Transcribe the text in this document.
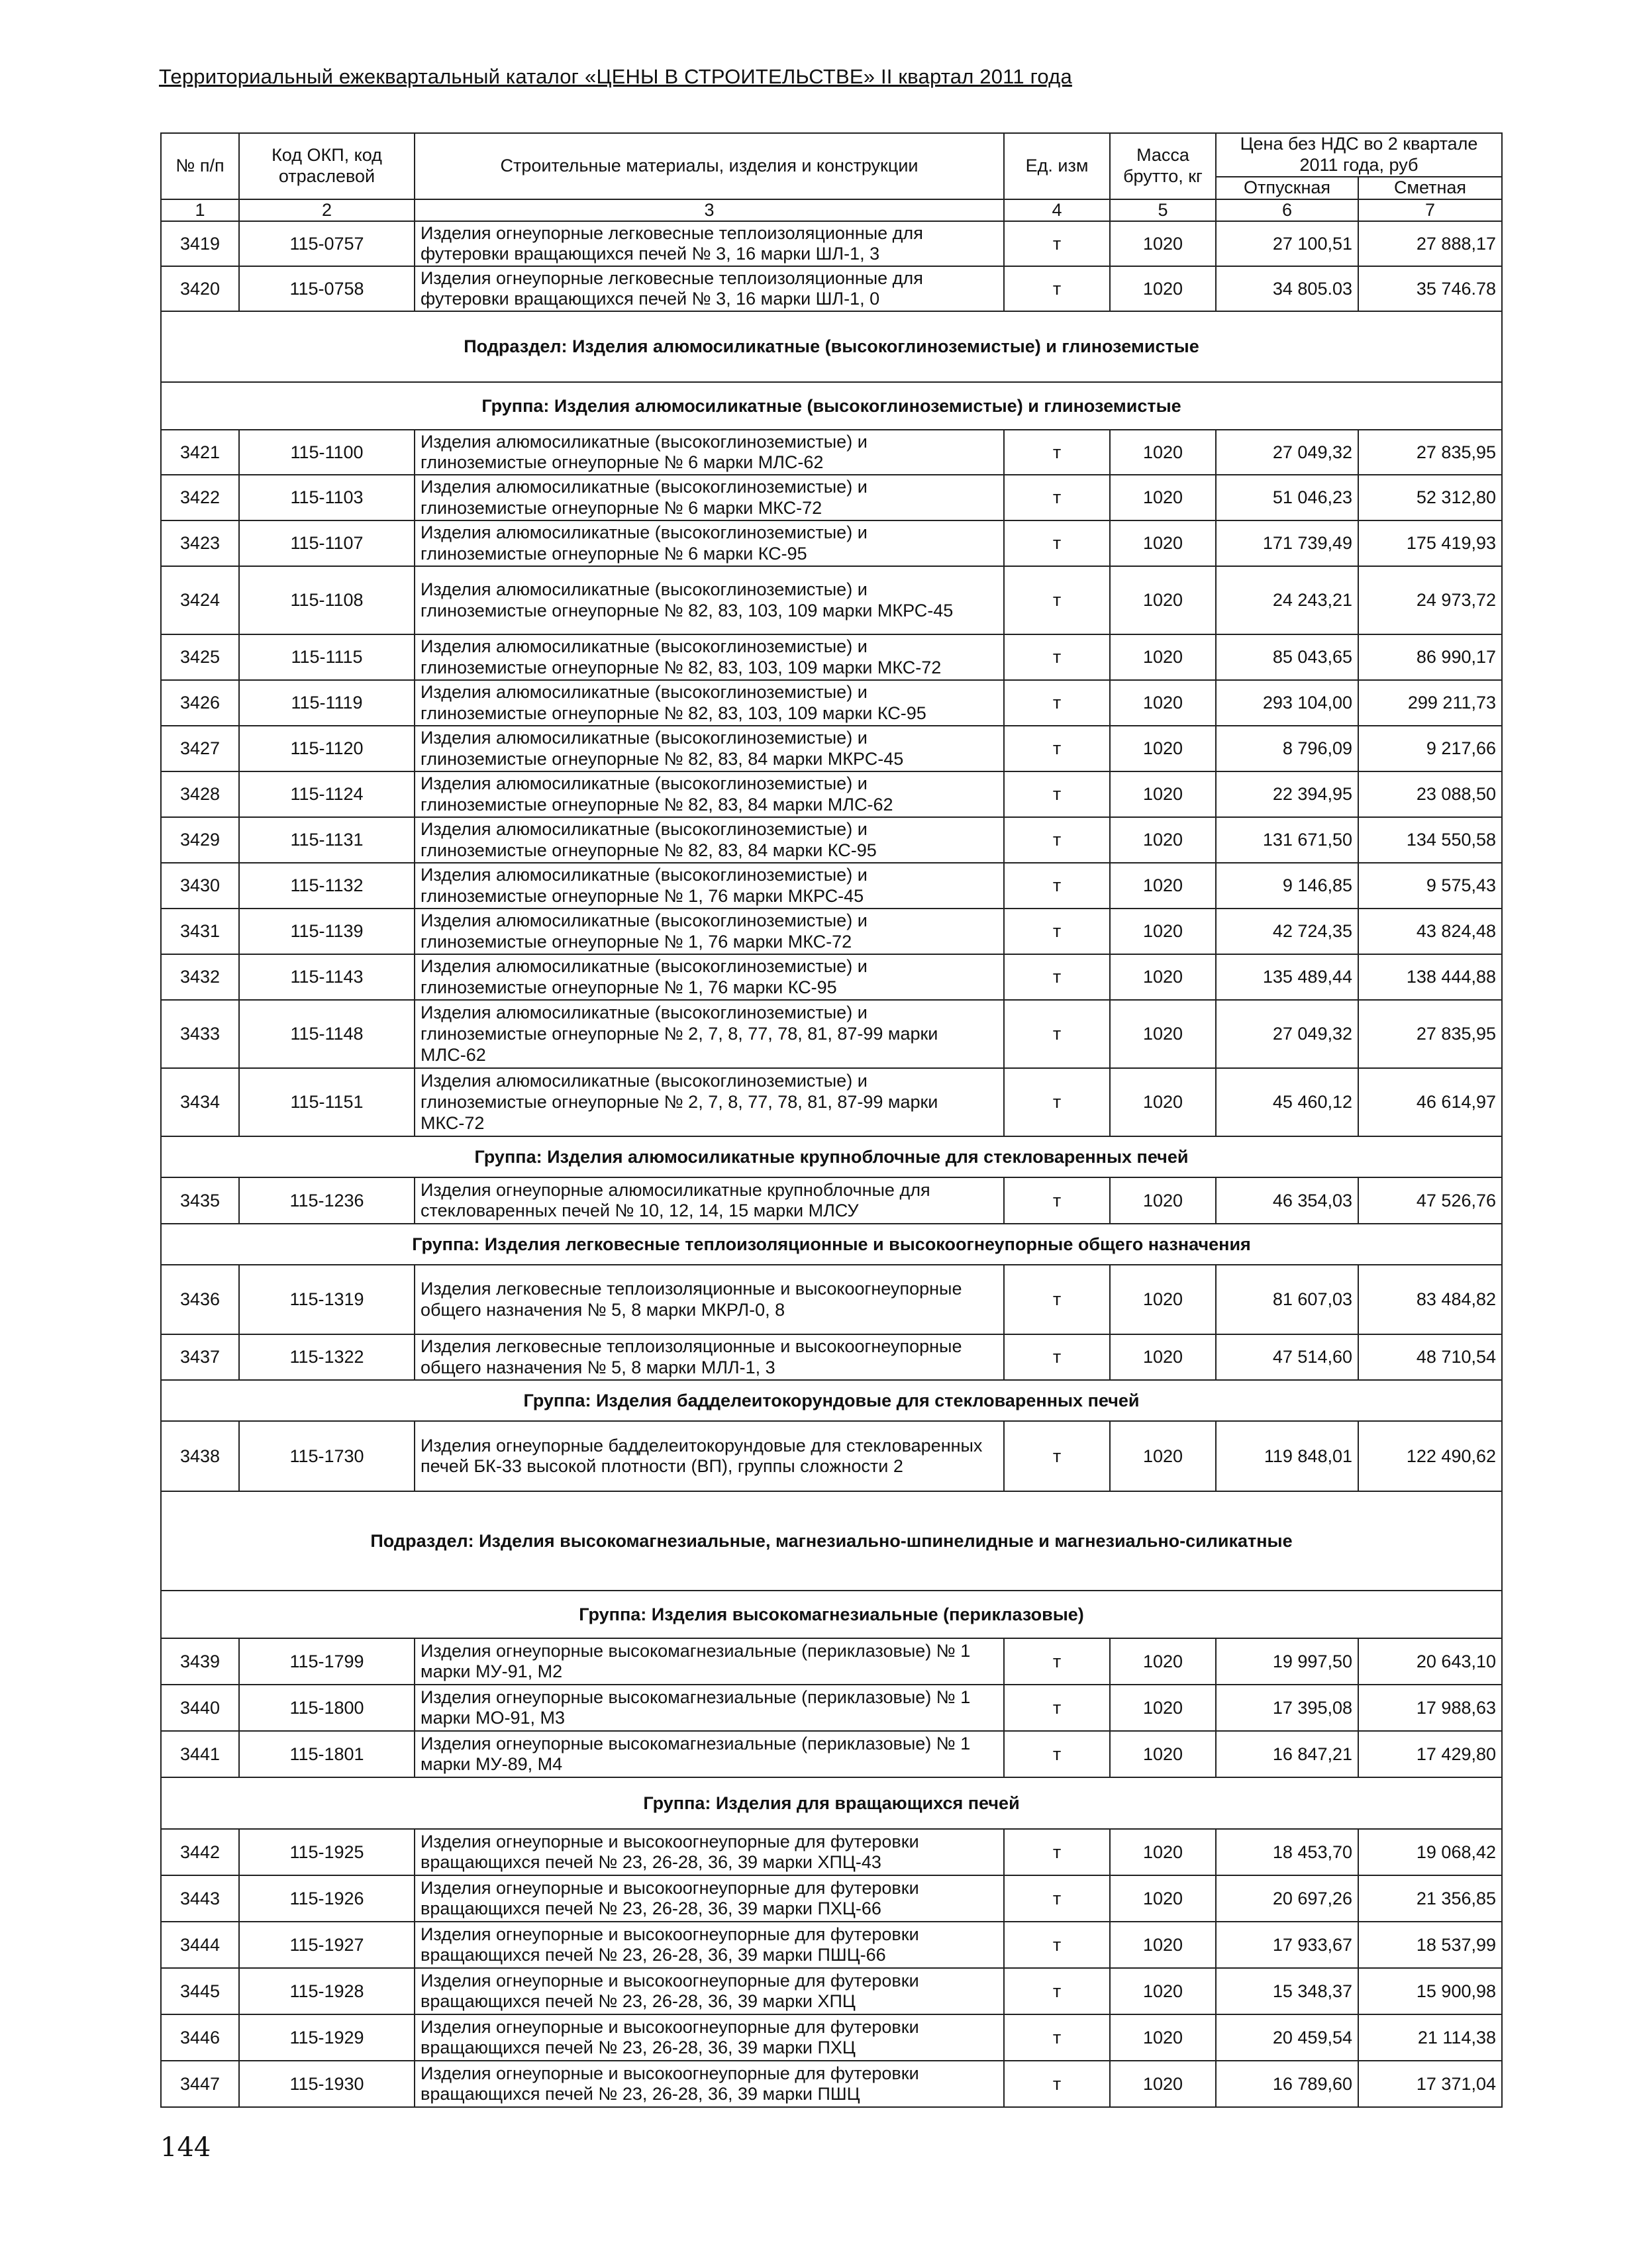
Территориальный ежеквартальный каталог «ЦЕНЫ В СТРОИТЕЛЬСТВЕ» II квартал 2011 года
№ п/п	Код ОКП, код отраслевой	Строительные материалы, изделия и конструкции	Ед. изм	Масса брутто, кг	Цена без НДС во 2 квартале 2011 года, руб	
					Отпускная	Сметная
1	2	3	4	5	6	7
3419	115-0757	Изделия огнеупорные легковесные теплоизоляционные для футеровки вращающихся печей № 3, 16 марки ШЛ-1, 3	т	1020	27 100,51	27 888,17
3420	115-0758	Изделия огнеупорные легковесные теплоизоляционные для футеровки вращающихся печей № 3, 16 марки ШЛ-1, 0	т	1020	34 805.03	35 746.78
Подраздел: Изделия алюмосиликатные (высокоглиноземистые) и глиноземистые						
Группа: Изделия алюмосиликатные (высокоглиноземистые) и глиноземистые						
3421	115-1100	Изделия алюмосиликатные (высокоглиноземистые) и глиноземистые огнеупорные № 6 марки МЛС-62	т	1020	27 049,32	27 835,95
3422	115-1103	Изделия алюмосиликатные (высокоглиноземистые) и глиноземистые огнеупорные № 6 марки МКС-72	т	1020	51 046,23	52 312,80
3423	115-1107	Изделия алюмосиликатные (высокоглиноземистые) и глиноземистые огнеупорные № 6 марки КС-95	т	1020	171 739,49	175 419,93
3424	115-1108	Изделия алюмосиликатные (высокоглиноземистые) и глиноземистые огнеупорные № 82, 83, 103, 109 марки МКРС-45	т	1020	24 243,21	24 973,72
3425	115-1115	Изделия алюмосиликатные (высокоглиноземистые) и глиноземистые огнеупорные № 82, 83, 103, 109 марки МКС-72	т	1020	85 043,65	86 990,17
3426	115-1119	Изделия алюмосиликатные (высокоглиноземистые) и глиноземистые огнеупорные № 82, 83, 103, 109 марки КС-95	т	1020	293 104,00	299 211,73
3427	115-1120	Изделия алюмосиликатные (высокоглиноземистые) и глиноземистые огнеупорные № 82, 83, 84 марки МКРС-45	т	1020	8 796,09	9 217,66
3428	115-1124	Изделия алюмосиликатные (высокоглиноземистые) и глиноземистые огнеупорные № 82, 83, 84 марки МЛС-62	т	1020	22 394,95	23 088,50
3429	115-1131	Изделия алюмосиликатные (высокоглиноземистые) и глиноземистые огнеупорные № 82, 83, 84 марки КС-95	т	1020	131 671,50	134 550,58
3430	115-1132	Изделия алюмосиликатные (высокоглиноземистые) и глиноземистые огнеупорные № 1, 76 марки МКРС-45	т	1020	9 146,85	9 575,43
3431	115-1139	Изделия алюмосиликатные (высокоглиноземистые) и глиноземистые огнеупорные № 1, 76 марки МКС-72	т	1020	42 724,35	43 824,48
3432	115-1143	Изделия алюмосиликатные (высокоглиноземистые) и глиноземистые огнеупорные № 1, 76 марки КС-95	т	1020	135 489,44	138 444,88
3433	115-1148	Изделия алюмосиликатные (высокоглиноземистые) и глиноземистые огнеупорные № 2, 7, 8, 77, 78, 81, 87-99 марки МЛС-62	т	1020	27 049,32	27 835,95
3434	115-1151	Изделия алюмосиликатные (высокоглиноземистые) и глиноземистые огнеупорные № 2, 7, 8, 77, 78, 81, 87-99 марки МКС-72	т	1020	45 460,12	46 614,97
Группа: Изделия алюмосиликатные крупноблочные для стекловаренных печей						
3435	115-1236	Изделия огнеупорные алюмосиликатные крупноблочные для стекловаренных печей № 10, 12, 14, 15 марки МЛСУ	т	1020	46 354,03	47 526,76
Группа: Изделия легковесные теплоизоляционные и высокоогнеупорные общего назначения						
3436	115-1319	Изделия легковесные теплоизоляционные и высокоогнеупорные общего назначения № 5, 8 марки МКРЛ-0, 8	т	1020	81 607,03	83 484,82
3437	115-1322	Изделия легковесные теплоизоляционные и высокоогнеупорные общего назначения № 5, 8 марки МЛЛ-1, 3	т	1020	47 514,60	48 710,54
Группа: Изделия бадделеитокорундовые для стекловаренных печей						
3438	115-1730	Изделия огнеупорные бадделеитокорундовые для стекловаренных печей БК-33 высокой плотности (ВП), группы сложности 2	т	1020	119 848,01	122 490,62
Подраздел: Изделия высокомагнезиальные, магнезиально-шпинелидные и магнезиально-силикатные						
Группа: Изделия высокомагнезиальные (периклазовые)						
3439	115-1799	Изделия огнеупорные высокомагнезиальные (периклазовые) № 1 марки МУ-91, М2	т	1020	19 997,50	20 643,10
3440	115-1800	Изделия огнеупорные высокомагнезиальные (периклазовые) № 1 марки МО-91, М3	т	1020	17 395,08	17 988,63
3441	115-1801	Изделия огнеупорные высокомагнезиальные (периклазовые) № 1 марки МУ-89, М4	т	1020	16 847,21	17 429,80
Группа: Изделия для вращающихся печей						
3442	115-1925	Изделия огнеупорные и высокоогнеупорные для футеровки вращающихся печей № 23, 26-28, 36, 39 марки ХПЦ-43	т	1020	18 453,70	19 068,42
3443	115-1926	Изделия огнеупорные и высокоогнеупорные для футеровки вращающихся печей № 23, 26-28, 36, 39 марки ПХЦ-66	т	1020	20 697,26	21 356,85
3444	115-1927	Изделия огнеупорные и высокоогнеупорные для футеровки вращающихся печей № 23, 26-28, 36, 39 марки ПШЦ-66	т	1020	17 933,67	18 537,99
3445	115-1928	Изделия огнеупорные и высокоогнеупорные для футеровки вращающихся печей № 23, 26-28, 36, 39 марки ХПЦ	т	1020	15 348,37	15 900,98
3446	115-1929	Изделия огнеупорные и высокоогнеупорные для футеровки вращающихся печей № 23, 26-28, 36, 39 марки ПХЦ	т	1020	20 459,54	21 114,38
3447	115-1930	Изделия огнеупорные и высокоогнеупорные для футеровки вращающихся печей № 23, 26-28, 36, 39 марки ПШЦ	т	1020	16 789,60	17 371,04
144
